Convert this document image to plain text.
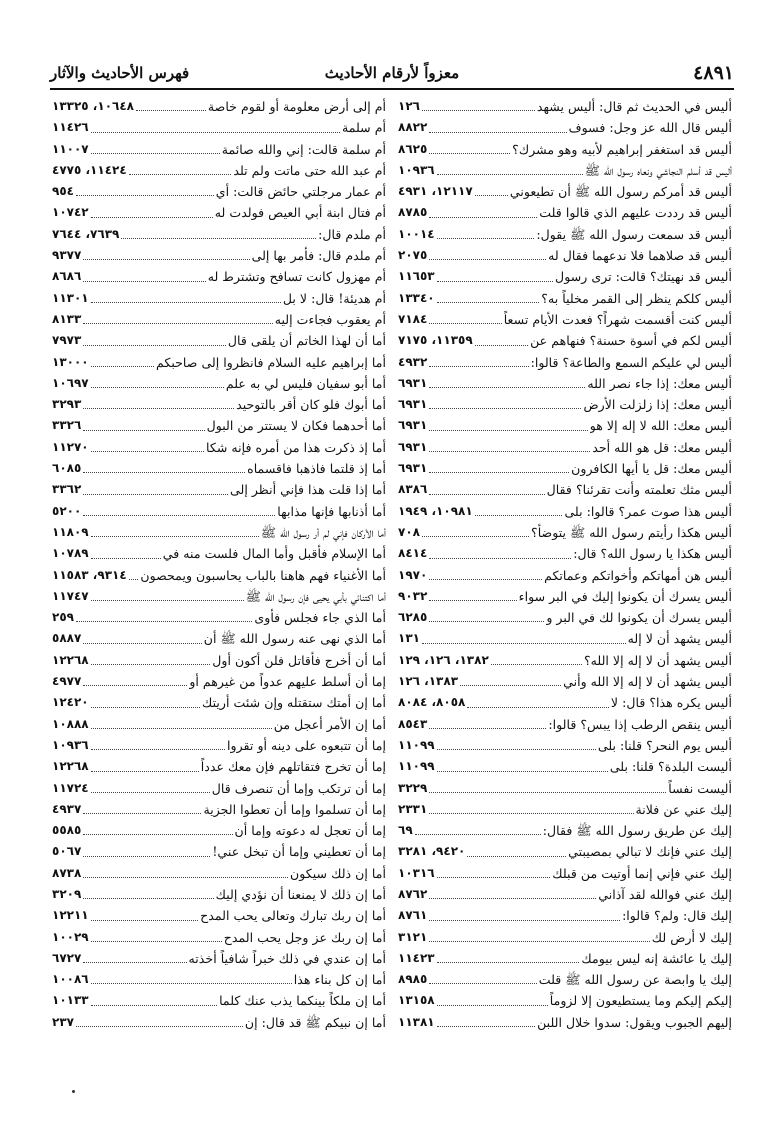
٤٨٩١
معزواً لأرقام الأحاديث
فهرس الأحاديث والآثار
أليس في الحديث ثم قال: أليس يشهد
١٢٦
أليس قال الله عز وجل: فسوف
٨٨٢٢
أليس قد استغفر إبراهيم لأبيه وهو مشرك؟
٨٦٢٥
أليس قد أسلم النجاشي ونعاه رسول الله ﷺ
١٠٩٣٦
أليس قد أمركم رسول الله ﷺ أن تطيعوني
١٢١١٧، ٤٩٣١
أليس قد رددت عليهم الذي قالوا قلت
٨٧٨٥
أليس قد سمعت رسول الله ﷺ يقول:
١٠٠١٤
أليس قد صلاهما فلا ندعهما فقال له
٢٠٧٥
أليس قد نهيتك؟ قالت: ترى رسول
١١٦٥٣
أليس كلكم ينظر إلى القمر مخلياً به؟
١٣٣٤٠
أليس كنت أقسمت شهراً؟ فعدت الأيام تسعاً
٧١٨٤
أليس لكم في أسوة حسنة؟ فنهاهم عن
١١٣٥٩، ٧١٧٥
أليس لي عليكم السمع والطاعة؟ قالوا:
٤٩٣٢
أليس معك: إذا جاء نصر الله
٦٩٣١
أليس معك: إذا زلزلت الأرض
٦٩٣١
أليس معك: الله لا إله إلا هو
٦٩٣١
أليس معك: قل هو الله أحد
٦٩٣١
أليس معك: قل يا أيها الكافرون
٦٩٣١
أليس مثك تعلمته وأنت تقرئنا؟ فقال
٨٣٨٦
أليس هذا صوت عمر؟ قالوا: بلى
١٠٩٨١، ١٩٤٩
أليس هكذا رأيتم رسول الله ﷺ يتوضأ؟
٧٠٨
أليس هكذا يا رسول الله؟ قال:
٨٤١٤
أليس هن أمهاتكم وأخواتكم وعماتكم
١٩٧٠
أليس يسرك أن يكونوا إليك في البر سواء
٩٠٣٢
أليس يسرك أن يكونوا لك في البر و
٦٢٨٥
أليس يشهد أن لا إله
١٣١
أليس يشهد أن لا إله إلا الله؟
١٣٨٢، ١٢٦، ١٢٩
أليس يشهد أن لا إله إلا الله وأني
١٣٨٣، ١٢٦
أليس يكره هذا؟ قال: لا
٨٠٥٨، ٨٠٨٤
أليس ينقص الرطب إذا يبس؟ قالوا:
٨٥٤٣
أليس يوم النحر؟ قلنا: بلى
١١٠٩٩
أليست البلدة؟ قلنا: بلى
١١٠٩٩
أليست نفساً
٣٢٢٩
إليك عني عن فلانة
٢٣٣١
إليك عن طريق رسول الله ﷺ فقال:
٦٩
إليك عني فإنك لا تبالي بمصيبتي
٩٤٢٠، ٣٢٨١
إليك عني فإني إنما أوتيت من قبلك
١٠٣١٦
إليك عني فوالله لقد آذاني
٨٧٦٢
إليك قال: ولم؟ قالوا:
٨٧٦١
إليك لا أرض لك
٣١٢١
إليك يا عائشة إنه ليس بيومك
١١٤٢٣
إليك يا وابصة عن رسول الله ﷺ قلت
٨٩٨٥
إليكم إليكم وما يستطيعون إلا لزوماً
١٣١٥٨
إليهم الجبوب ويقول: سدوا خلال اللبن
١١٣٨١
أم إلى أرض معلومة أو لقوم خاصة
١٠٦٤٨، ١٣٣٢٥
أم سلمة
١١٤٢٦
أم سلمة قالت: إني والله صائمة
١١٠٠٧
أم عبد الله حتى ماتت ولم تلد
١١٤٢٤، ٤٧٧٥
أم عمار مرجلتي حائض قالت: أي
٩٥٤
أم فتال ابنة أبي العيص فولدت له
١٠٧٤٢
أم ملدم قال:
٧٦٣٩، ٧٦٤٤
أم ملدم قال: فأمر بها إلى
٩٣٧٧
أم مهزول كانت تسافح وتشترط له
٨٦٨٦
أم هديئة! قال: لا بل
١١٣٠١
أم يعقوب فجاءت إليه
٨١٣٣
أما أن لهذا الخاتم أن يلقى قال
٧٩٧٣
أما إبراهيم عليه السلام فانظروا إلى صاحبكم
١٣٠٠٠
أما أبو سفيان فليس لي به علم
١٠٦٩٧
أما أبوك فلو كان أقر بالتوحيد
٣٢٩٣
أما أحدهما فكان لا يستتر من البول
٣٣٢٦
أما إذ ذكرت هذا من أمره فإنه شكا
١١٢٧٠
أما إذ قلتما فاذهبا فاقسماه
٦٠٨٥
أما إذا قلت هذا فإني أنظر إلى
٣٣٦٢
أما أذنابها فإنها مذابها
٥٢٠٠
أما الأركان فإني لم أر رسول الله ﷺ
١١٨٠٩
أما الإسلام فأقبل وأما المال فلست منه في
١٠٧٨٩
أما الأغنياء فهم هاهنا بالباب يحاسبون ويمحصون
٩٣١٤، ١١٥٨٣
أما اكتنائي بأبي يحيى فإن رسول الله ﷺ
١١٧٤٧
أما الذي جاء فجلس فأوى
٢٥٩
أما الذي نهى عنه رسول الله ﷺ أن
٥٨٨٧
أما أن أخرج فأقاتل فلن أكون أول
١٢٢٦٨
إما أن أسلط عليهم عدواً من غيرهم أو
٤٩٧٧
أما إن أمتك ستقتله وإن شئت أريتك
١٢٤٢٠
أما إن الأمر أعجل من
١٠٨٨٨
إما أن تتبعوه على دينه أو تقروا
١٠٩٣٦
إما أن تخرج فتقاتلهم فإن معك عدداً
١٢٢٦٨
إما أن ترتكب وإما أن تنصرف قال
١١٧٢٤
إما أن تسلموا وإما أن تعطوا الجزية
٤٩٣٧
إما أن تعجل له دعوته وإما أن
٥٥٨٥
إما أن تعطيني وإما أن تبخل عني!
٥٠٦٧
أما إن ذلك سيكون
٨٧٣٨
أما إن ذلك لا يمنعنا أن نؤدي إليك
٣٢٠٩
أما إن ربك تبارك وتعالى يحب المدح
١٢٢١١
أما إن ربك عز وجل يحب المدح
١٠٠٢٩
أما إن عندي في ذلك خبراً شافياً أخذته
٦٧٢٧
أما إن كل بناء هذا
١٠٠٨٦
أما إن ملكاً بينكما يذب عنك كلما
١٠١٣٣
أما إن نبيكم ﷺ قد قال: إن
٢٣٧
